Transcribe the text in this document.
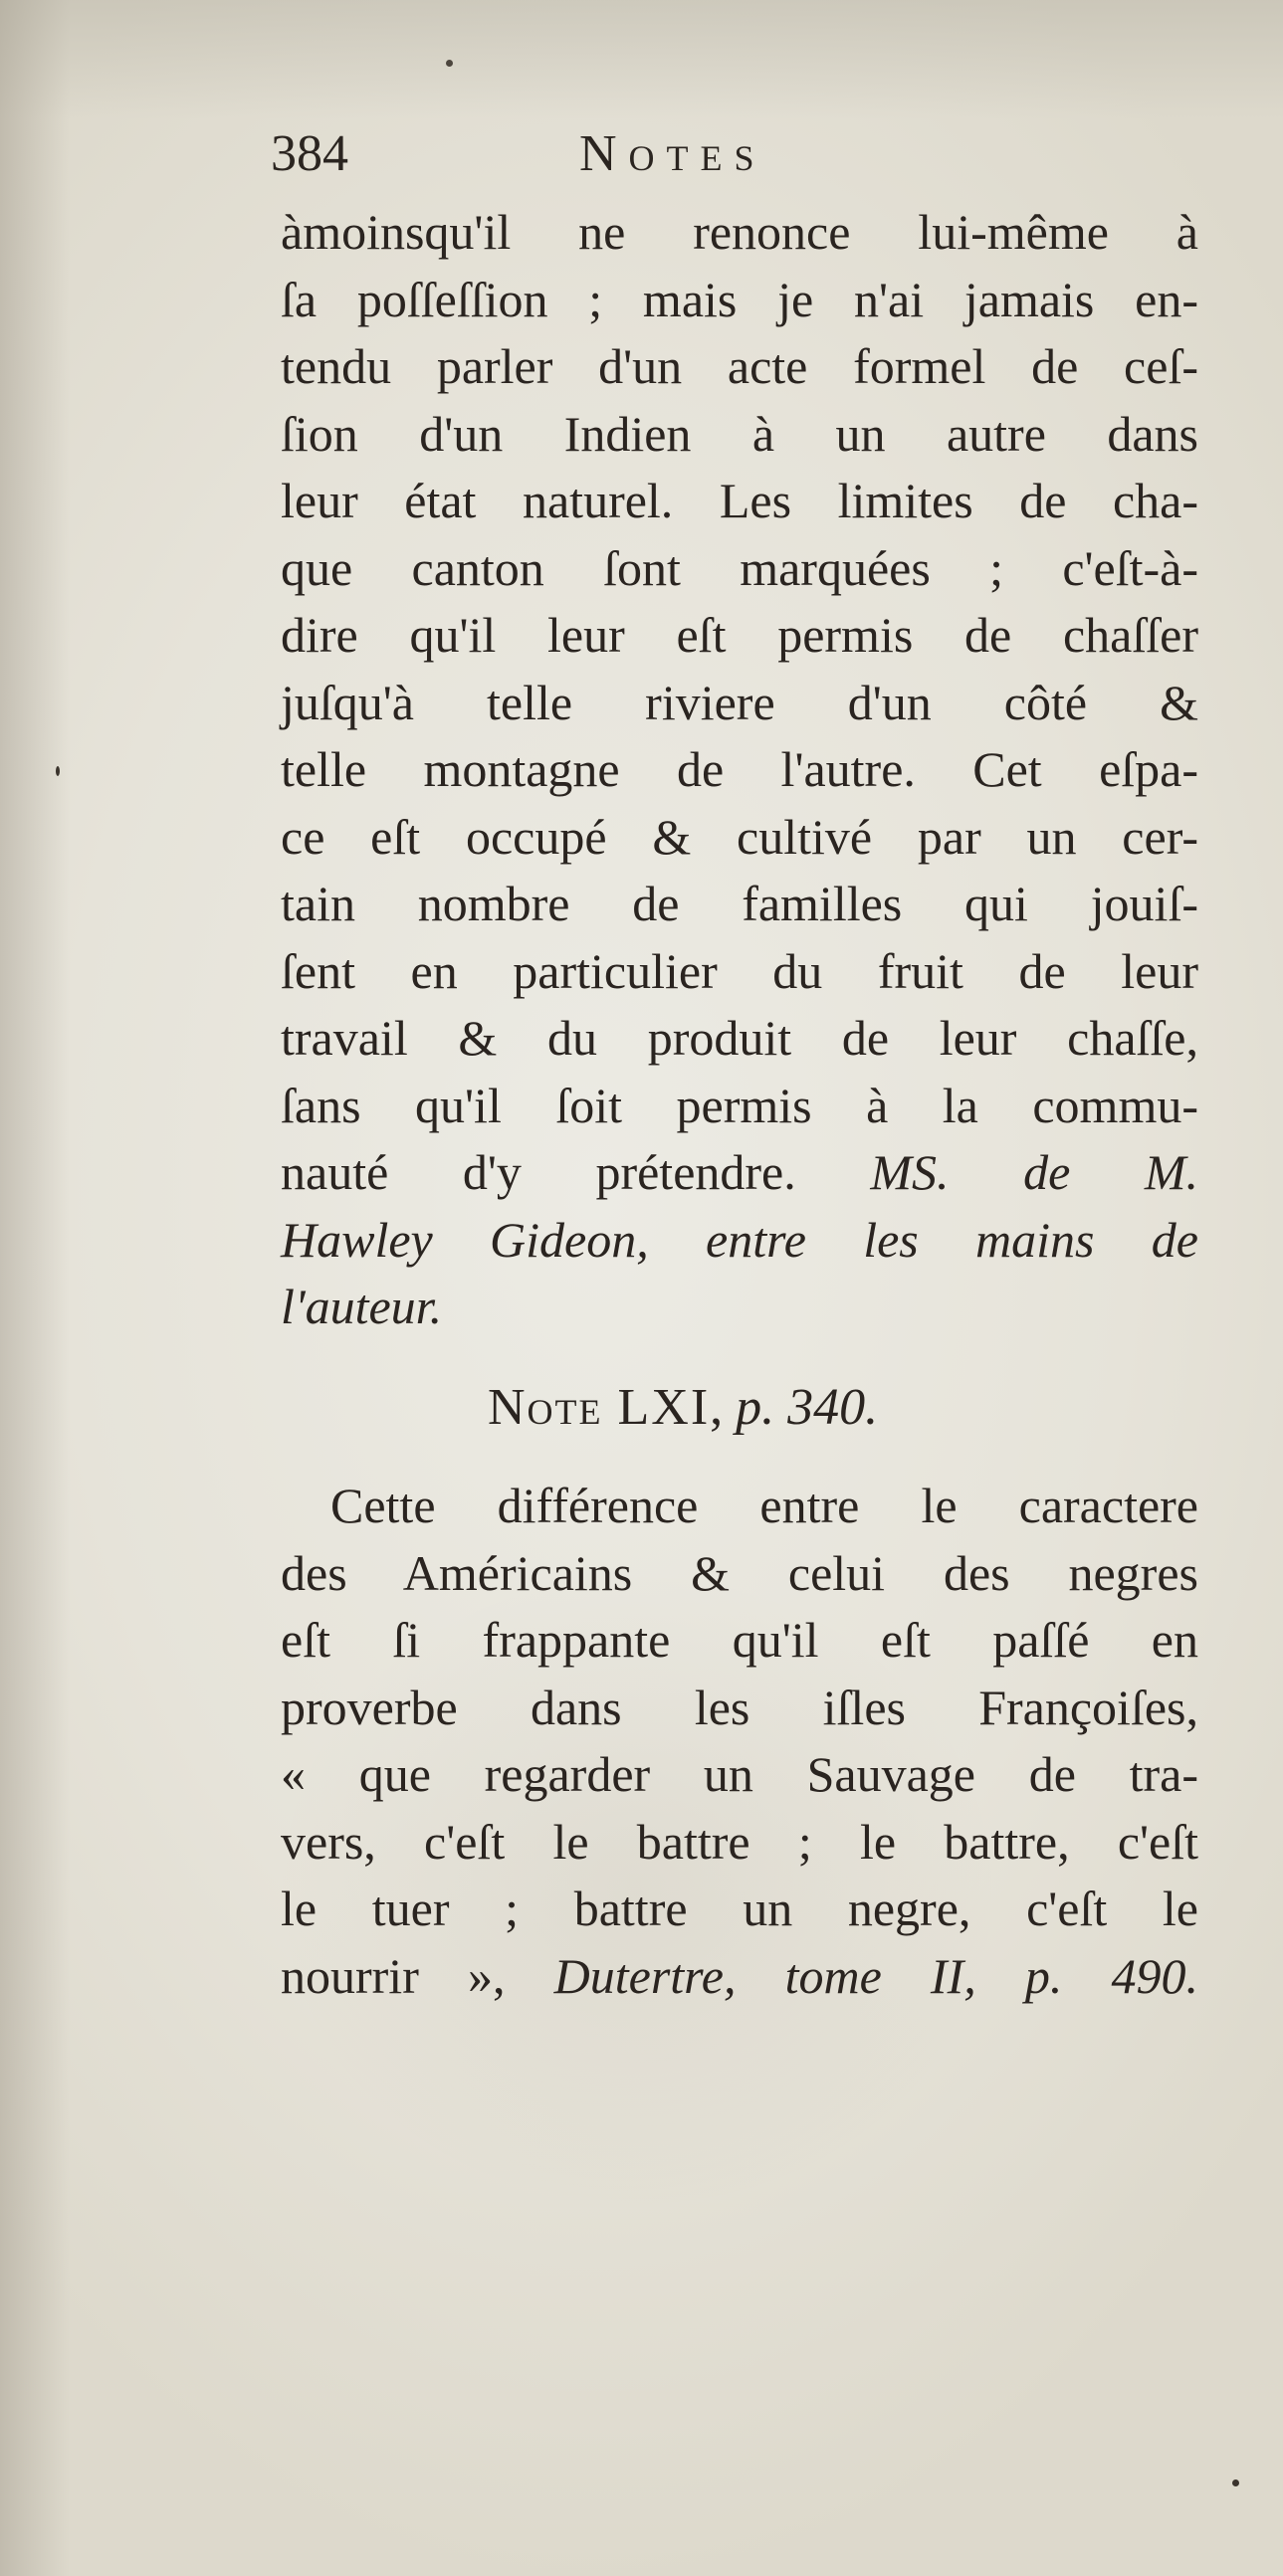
384	Notes
àmoinsqu'il ne renonce lui-même à
ſa poſſeſſion ; mais je n'ai jamais en-
tendu parler d'un acte formel de ceſ-
ſion d'un Indien à un autre dans
leur état naturel. Les limites de cha-
que canton ſont marquées ; c'eſt-à-
dire qu'il leur eſt permis de chaſſer
juſqu'à telle riviere d'un côté &
telle montagne de l'autre. Cet eſpa-
ce eſt occupé & cultivé par un cer-
tain nombre de familles qui jouiſ-
ſent en particulier du fruit de leur
travail & du produit de leur chaſſe,
ſans qu'il ſoit permis à la commu-
nauté d'y prétendre. MS. de M.
Hawley Gideon, entre les mains de
l'auteur.
Note LXI, p. 340.
Cette différence entre le caractere
des Américains & celui des negres
eſt ſi frappante qu'il eſt paſſé en
proverbe dans les iſles Françoiſes,
« que regarder un Sauvage de tra-
vers, c'eſt le battre ; le battre, c'eſt
le tuer ; battre un negre, c'eſt le
nourrir », Dutertre, tome II, p. 490.
